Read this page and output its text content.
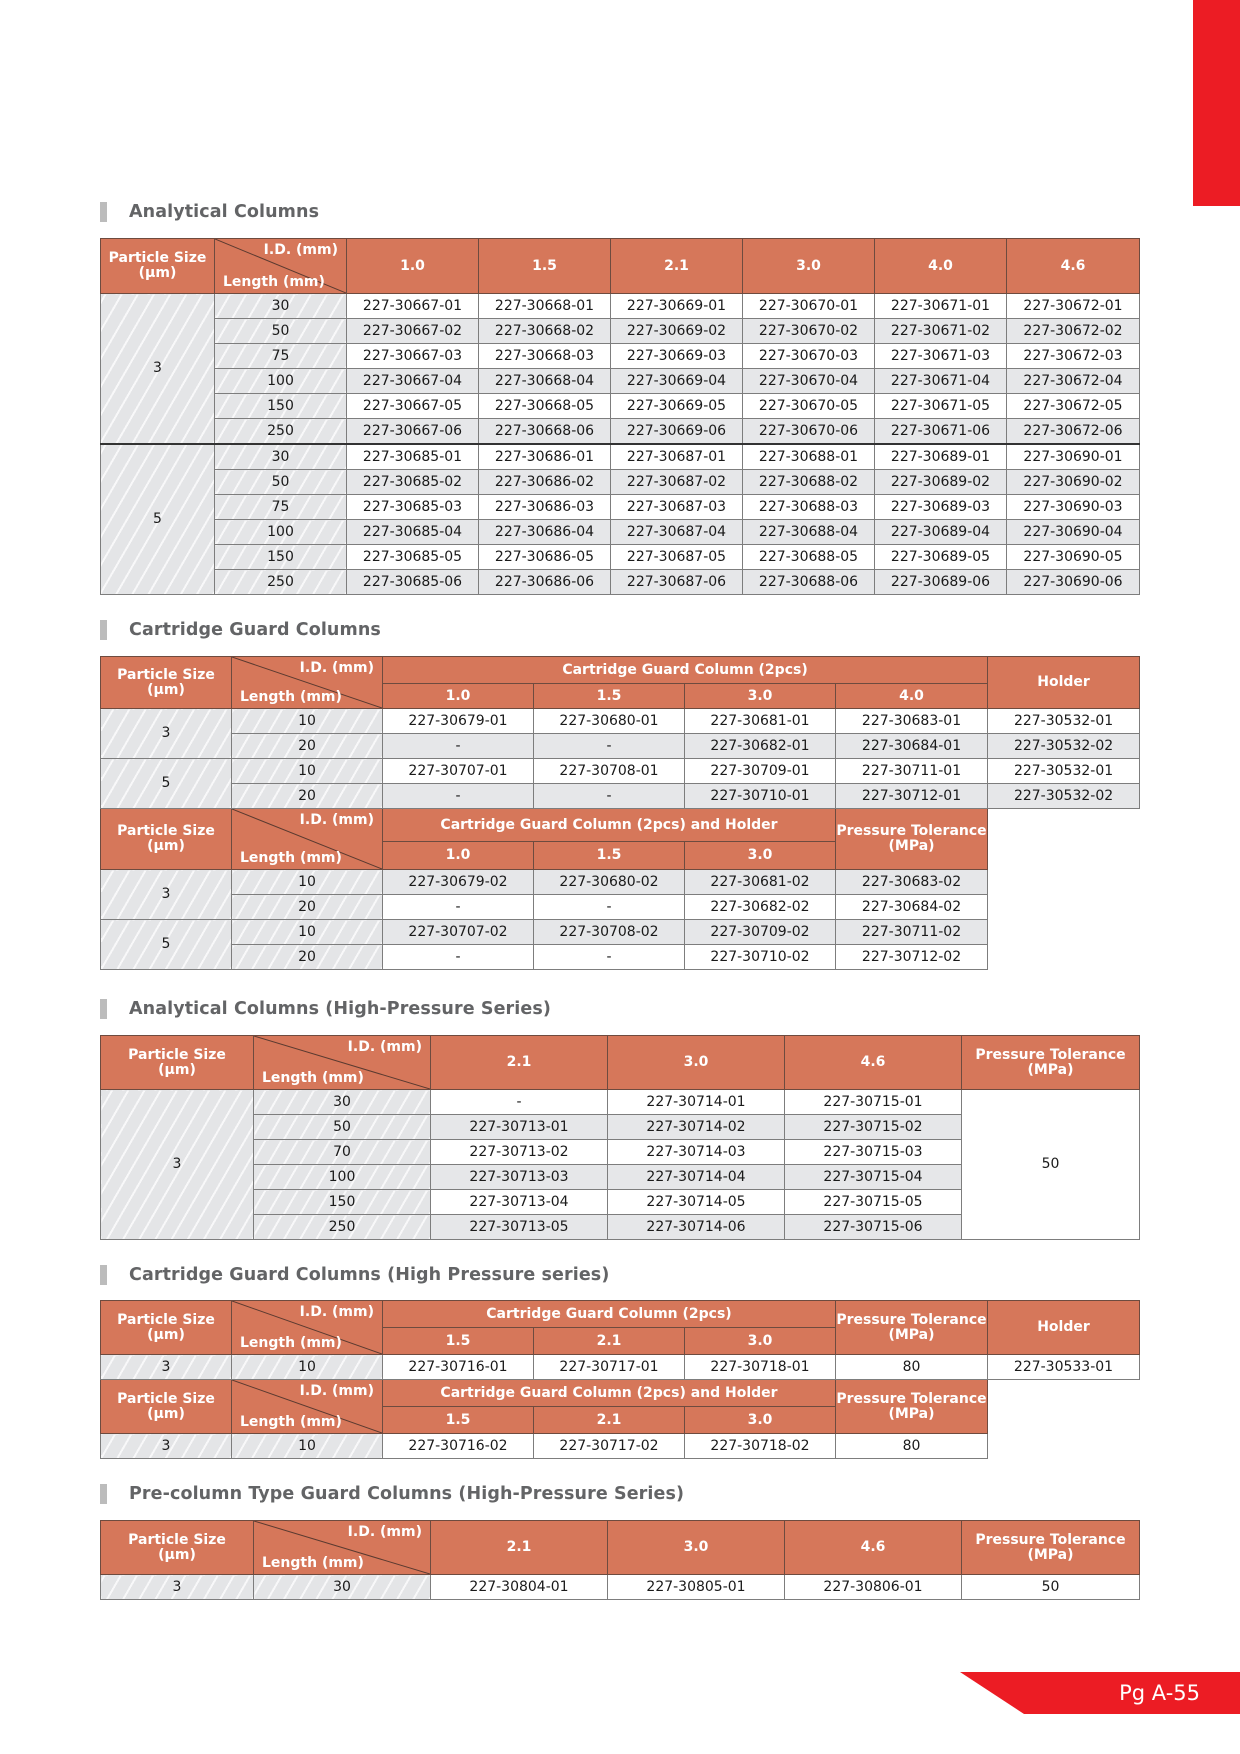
Analytical Columns
Particle Size
(µm)	I.D. (mm)
Length (mm)	1.0	1.5	2.1	3.0	4.0	4.6
3	30	227-30667-01	227-30668-01	227-30669-01	227-30670-01	227-30671-01	227-30672-01
	50	227-30667-02	227-30668-02	227-30669-02	227-30670-02	227-30671-02	227-30672-02
	75	227-30667-03	227-30668-03	227-30669-03	227-30670-03	227-30671-03	227-30672-03
	100	227-30667-04	227-30668-04	227-30669-04	227-30670-04	227-30671-04	227-30672-04
	150	227-30667-05	227-30668-05	227-30669-05	227-30670-05	227-30671-05	227-30672-05
	250	227-30667-06	227-30668-06	227-30669-06	227-30670-06	227-30671-06	227-30672-06
5	30	227-30685-01	227-30686-01	227-30687-01	227-30688-01	227-30689-01	227-30690-01
	50	227-30685-02	227-30686-02	227-30687-02	227-30688-02	227-30689-02	227-30690-02
	75	227-30685-03	227-30686-03	227-30687-03	227-30688-03	227-30689-03	227-30690-03
	100	227-30685-04	227-30686-04	227-30687-04	227-30688-04	227-30689-04	227-30690-04
	150	227-30685-05	227-30686-05	227-30687-05	227-30688-05	227-30689-05	227-30690-05
	250	227-30685-06	227-30686-06	227-30687-06	227-30688-06	227-30689-06	227-30690-06
Cartridge Guard Columns
Particle Size
(µm)	I.D. (mm)
Length (mm)	Cartridge Guard Column (2pcs)				Holder
		1.0	1.5	3.0	4.0	
3	10	227-30679-01	227-30680-01	227-30681-01	227-30683-01	227-30532-01
	20	-	-	227-30682-01	227-30684-01	227-30532-02
5	10	227-30707-01	227-30708-01	227-30709-01	227-30711-01	227-30532-01
	20	-	-	227-30710-01	227-30712-01	227-30532-02
Particle Size
(µm)	I.D. (mm)
Length (mm)	Cartridge Guard Column (2pcs) and Holder			Pressure Tolerance
(MPa)	
		1.0	1.5	3.0		
3	10	227-30679-02	227-30680-02	227-30681-02	227-30683-02	
	20	-	-	227-30682-02	227-30684-02	
5	10	227-30707-02	227-30708-02	227-30709-02	227-30711-02	
	20	-	-	227-30710-02	227-30712-02	
Analytical Columns (High-Pressure Series)
Particle Size
(µm)	I.D. (mm)
Length (mm)	2.1	3.0	4.6	Pressure Tolerance
(MPa)
3	30	-	227-30714-01	227-30715-01	50
	50	227-30713-01	227-30714-02	227-30715-02	
	70	227-30713-02	227-30714-03	227-30715-03	
	100	227-30713-03	227-30714-04	227-30715-04	
	150	227-30713-04	227-30714-05	227-30715-05	
	250	227-30713-05	227-30714-06	227-30715-06	
Cartridge Guard Columns (High Pressure series)
Particle Size
(µm)	I.D. (mm)
Length (mm)	Cartridge Guard Column (2pcs)			Pressure Tolerance
(MPa)	Holder
		1.5	2.1	3.0		
3	10	227-30716-01	227-30717-01	227-30718-01	80	227-30533-01
Particle Size
(µm)	I.D. (mm)
Length (mm)	Cartridge Guard Column (2pcs) and Holder			Pressure Tolerance
(MPa)	
		1.5	2.1	3.0		
3	10	227-30716-02	227-30717-02	227-30718-02	80	
Pre-column Type Guard Columns (High-Pressure Series)
Particle Size
(µm)	I.D. (mm)
Length (mm)	2.1	3.0	4.6	Pressure Tolerance
(MPa)
3	30	227-30804-01	227-30805-01	227-30806-01	50
Pg A-55
